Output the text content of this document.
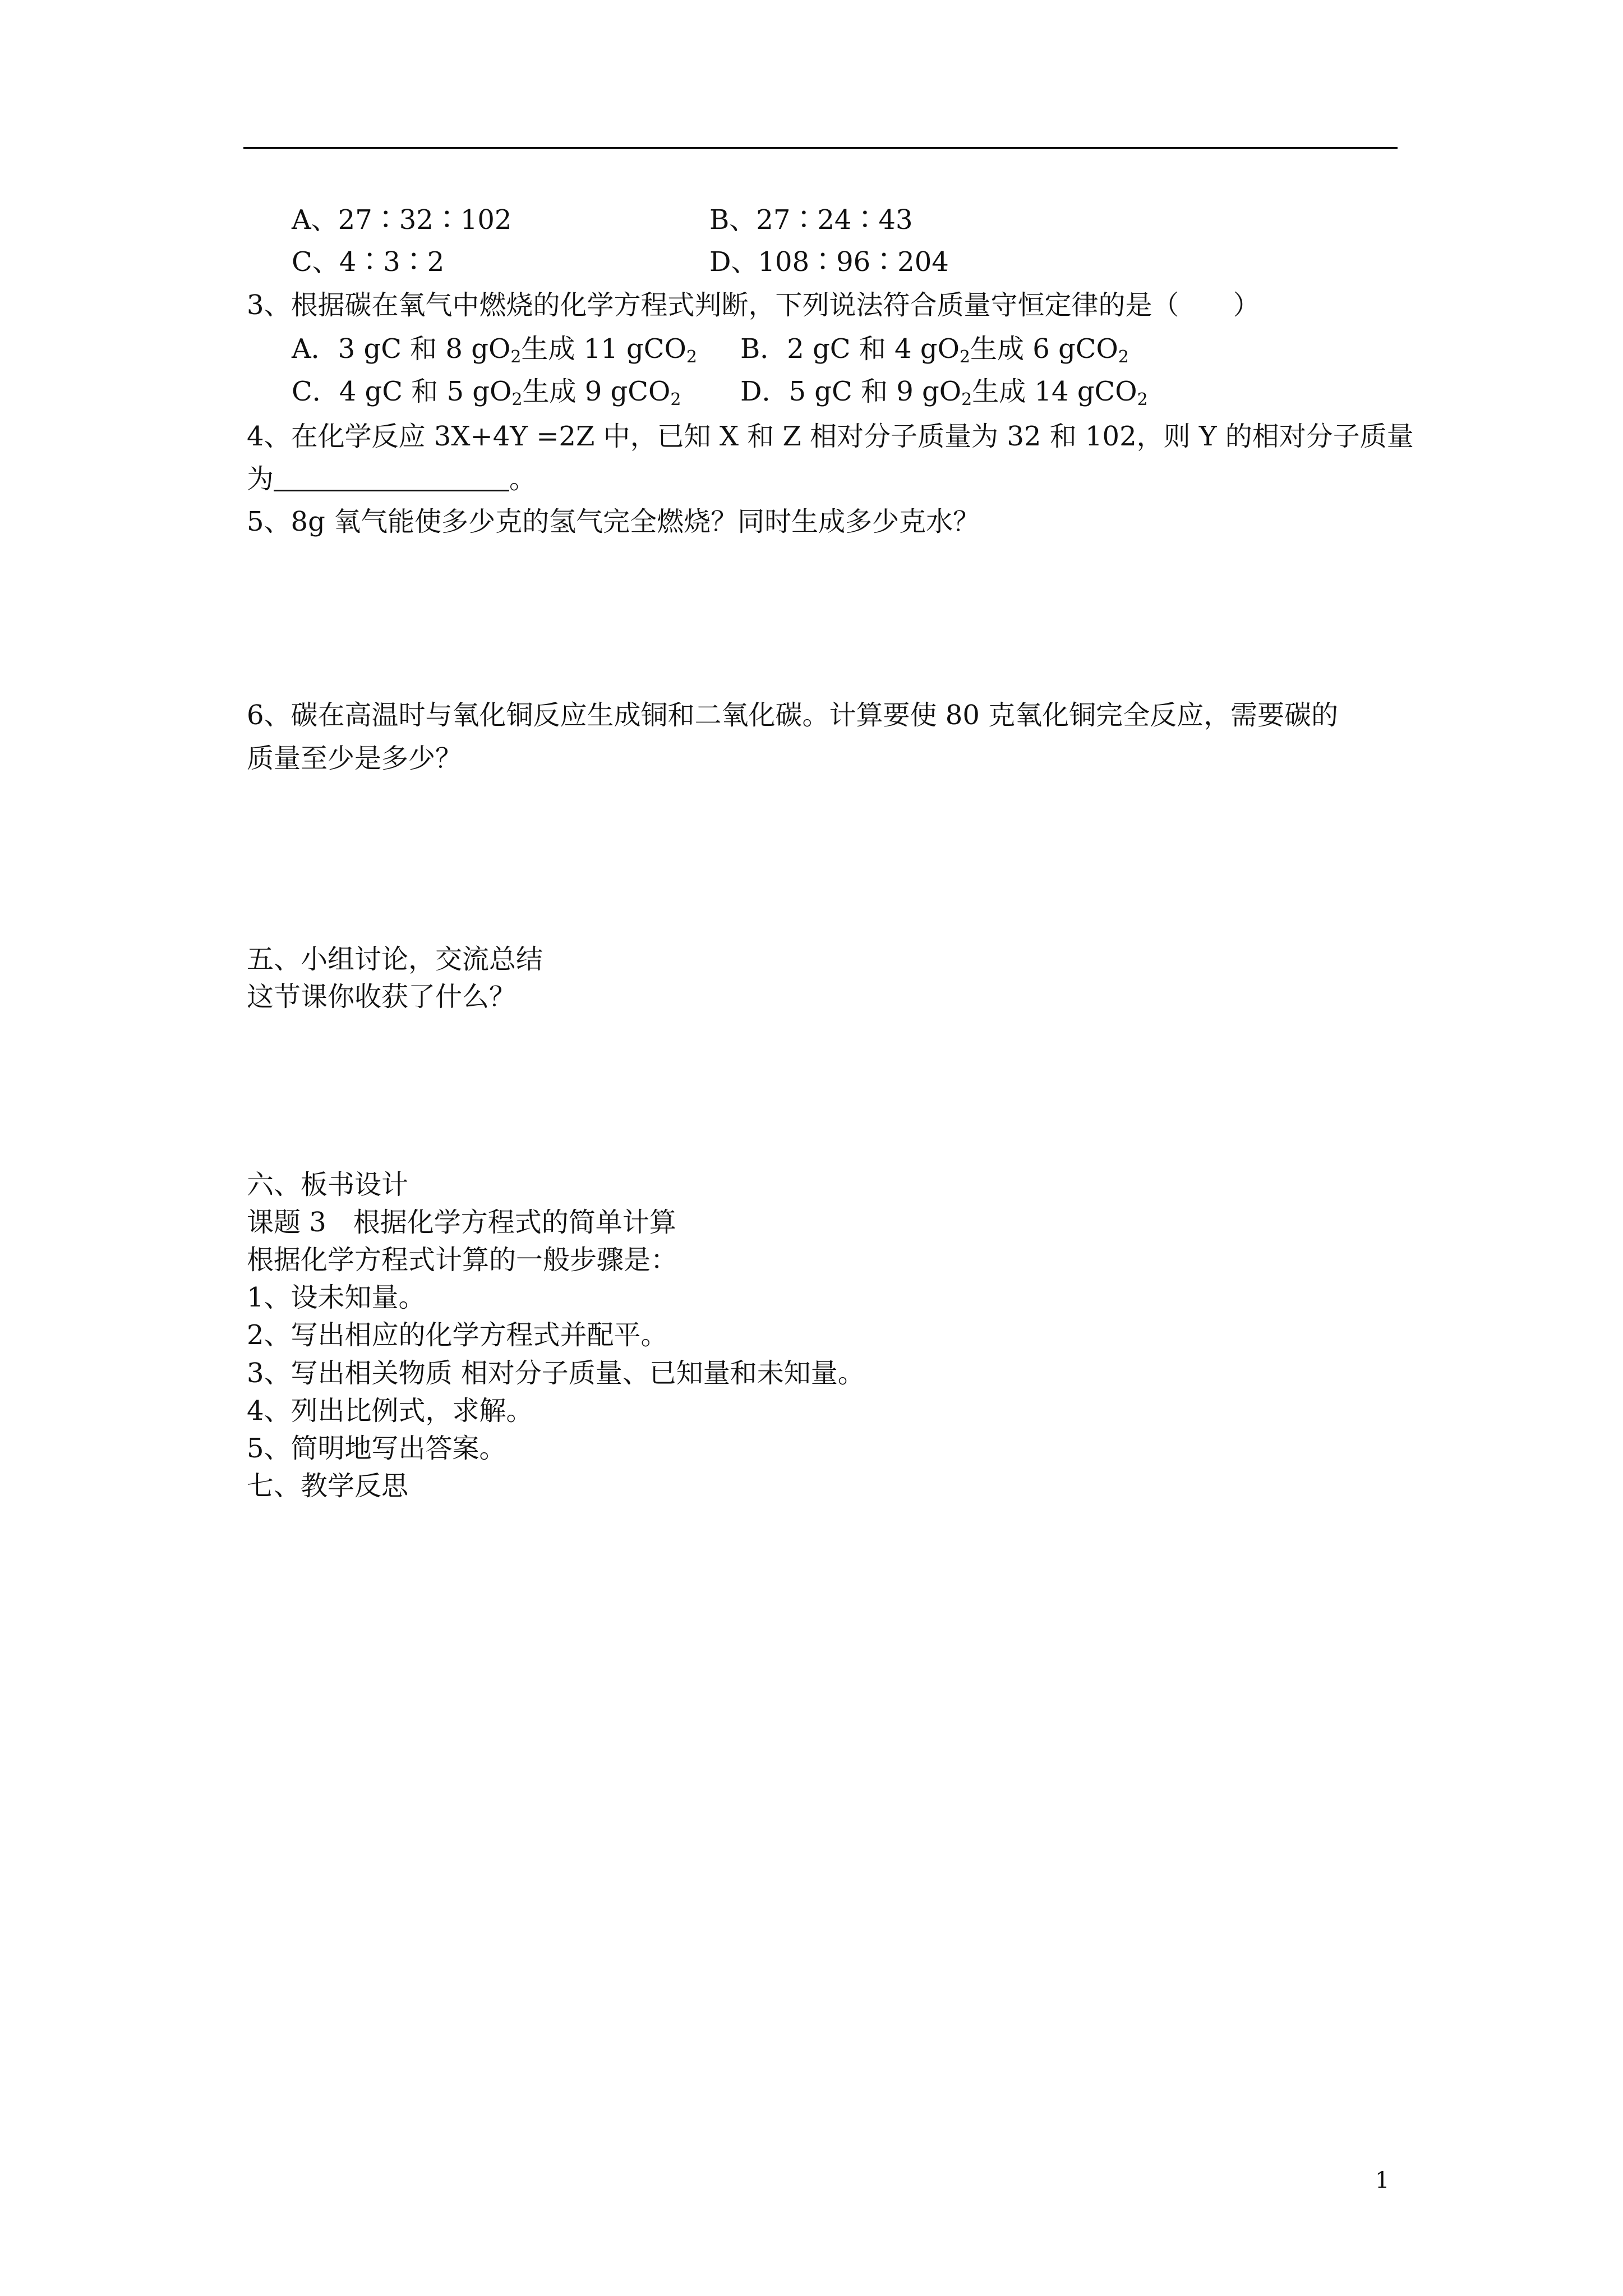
A、27∶32∶102	B、27∶24∶43
C、4∶3∶2	D、108∶96∶204
3、根据碳在氧气中燃烧的化学方程式判断，下列说法符合质量守恒定律的是（　　）
A．3 gC 和 8 $gO_2$生成 11 gCO$_2$ B．2 gC 和 4 $gO_2$生成 6 gCO$_2$
C．4 gC 和 5 $gO_2$生成 9 gCO$_2$ D．5 gC 和 9 $gO_2$生成 14 gCO$_2$
4、在化学反应 3X+4Y =2Z 中，已知 X 和 Z 相对分子质量为 32 和 102，则 Y 的相对分子质量
为	。
5、8g 氧气能使多少克的氢气完全燃烧？同时生成多少克水？
6、碳在高温时与氧化铜反应生成铜和二氧化碳。计算要使 80 克氧化铜完全反应，需要碳的
质量至少是多少？
五、小组讨论，交流总结
这节课你收获了什么？
六、板书设计
课题 3　根据化学方程式的简单计算
根据化学方程式计算的一般步骤是：
1、设未知量。
2、写出相应的化学方程式并配平。
3、写出相关物质 相对分子质量、已知量和未知量。
4、列出比例式，求解。
5、简明地写出答案。
七、教学反思
1
